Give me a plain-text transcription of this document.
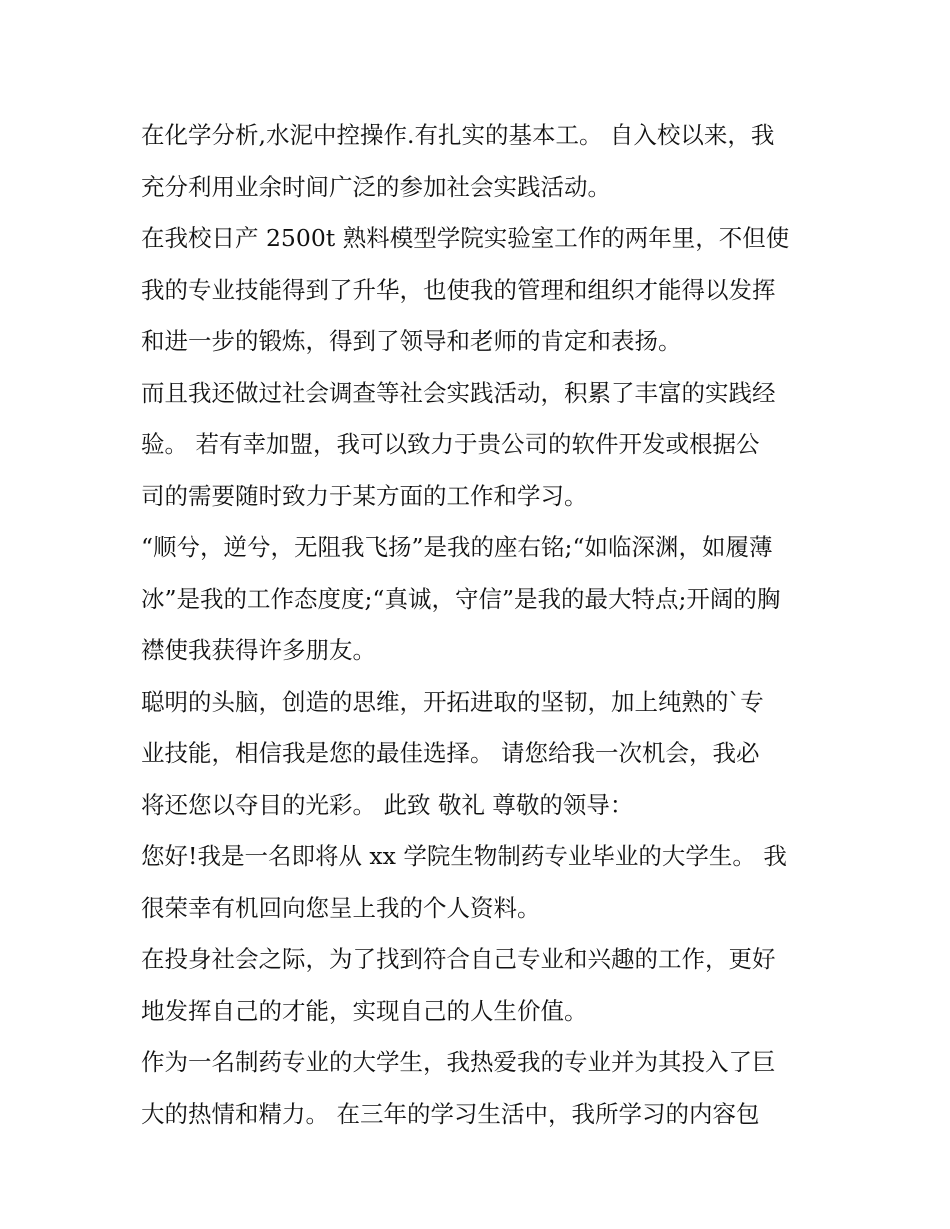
在化学分析,水泥中控操作.有扎实的基本工。 自入校以来，我
充分利用业余时间广泛的参加社会实践活动。

在我校日产 2500t 熟料模型学院实验室工作的两年里，不但使
我的专业技能得到了升华，也使我的管理和组织才能得以发挥
和进一步的锻炼，得到了领导和老师的肯定和表扬。

而且我还做过社会调查等社会实践活动，积累了丰富的实践经
验。 若有幸加盟，我可以致力于贵公司的软件开发或根据公
司的需要随时致力于某方面的工作和学习。

“顺兮，逆兮，无阻我飞扬”是我的座右铭;“如临深渊，如履薄
冰”是我的工作态度度;“真诚，守信”是我的最大特点;开阔的胸
襟使我获得许多朋友。

聪明的头脑，创造的思维，开拓进取的坚韧，加上纯熟的`专
业技能，相信我是您的最佳选择。 请您给我一次机会，我必
将还您以夺目的光彩。 此致 敬礼 尊敬的领导：

您好!我是一名即将从 xx 学院生物制药专业毕业的大学生。 我
很荣幸有机回向您呈上我的个人资料。

在投身社会之际，为了找到符合自己专业和兴趣的工作，更好
地发挥自己的才能，实现自己的人生价值。

作为一名制药专业的大学生，我热爱我的专业并为其投入了巨
大的热情和精力。 在三年的学习生活中，我所学习的内容包
